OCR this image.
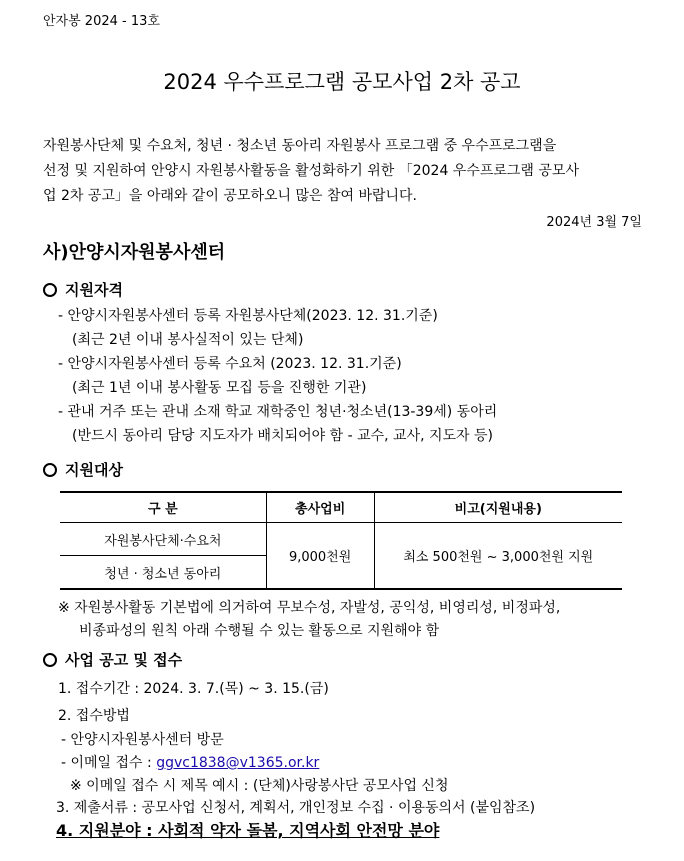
안자봉 2024 - 13호
2024 우수프로그램 공모사업 2차 공고
자원봉사단체 및 수요처, 청년 · 청소년 동아리 자원봉사 프로그램 중 우수프로그램을
선정 및 지원하여 안양시 자원봉사활동을 활성화하기 위한 「2024 우수프로그램 공모사
업 2차 공고」을 아래와 같이 공모하오니 많은 참여 바랍니다.
2024년 3월 7일
사)안양시자원봉사센터
지원자격
- 안양시자원봉사센터 등록 자원봉사단체(2023. 12. 31.기준)
(최근 2년 이내 봉사실적이 있는 단체)
- 안양시자원봉사센터 등록 수요처 (2023. 12. 31.기준)
(최근 1년 이내 봉사활동 모집 등을 진행한 기관)
- 관내 거주 또는 관내 소재 학교 재학중인 청년·청소년(13-39세) 동아리
(반드시 동아리 담당 지도자가 배치되어야 함 - 교수, 교사, 지도자 등)
지원대상
구 분	총사업비	비고(지원내용)
자원봉사단체·수요처	9,000천원	최소 500천원 ~ 3,000천원 지원
청년 · 청소년 동아리		
※ 자원봉사활동 기본법에 의거하여 무보수성, 자발성, 공익성, 비영리성, 비정파성,
비종파성의 원칙 아래 수행될 수 있는 활동으로 지원해야 함
사업 공고 및 접수
1. 접수기간 : 2024. 3. 7.(목) ~ 3. 15.(금)
2. 접수방법
- 안양시자원봉사센터 방문
- 이메일 접수 : ggvc1838@v1365.or.kr
※ 이메일 접수 시 제목 예시 : (단체)사랑봉사단 공모사업 신청
3. 제출서류 : 공모사업 신청서, 계획서, 개인정보 수집 · 이용동의서 (붙임참조)
4. 지원분야 : 사회적 약자 돌봄, 지역사회 안전망 분야
